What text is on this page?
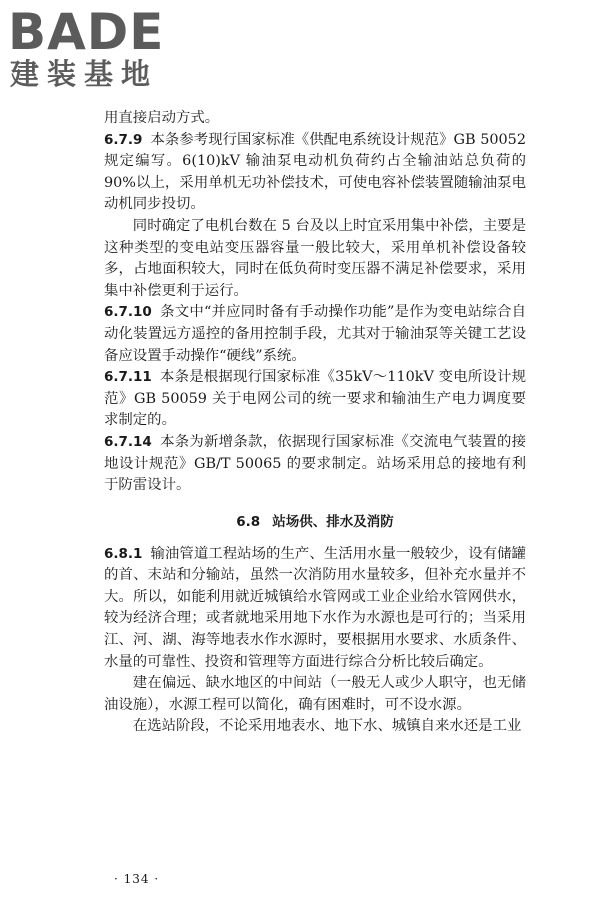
BADE
建装基地

用直接启动方式。

6.7.9 本条参考现行国家标准《供配电系统设计规范》GB 50052规定编写。6(10)kV 输油泵电动机负荷约占全输油站总负荷的90%以上，采用单机无功补偿技术，可使电容补偿装置随输油泵电动机同步投切。

同时确定了电机台数在 5 台及以上时宜采用集中补偿，主要是这种类型的变电站变压器容量一般比较大，采用单机补偿设备较多，占地面积较大，同时在低负荷时变压器不满足补偿要求，采用集中补偿更利于运行。

6.7.10 条文中“并应同时备有手动操作功能”是作为变电站综合自动化装置远方遥控的备用控制手段，尤其对于输油泵等关键工艺设备应设置手动操作“硬线”系统。

6.7.11 本条是根据现行国家标准《35kV～110kV 变电所设计规范》GB 50059 关于电网公司的统一要求和输油生产电力调度要求制定的。

6.7.14 本条为新增条款，依据现行国家标准《交流电气装置的接地设计规范》GB/T 50065 的要求制定。站场采用总的接地有利于防雷设计。

6.8 站场供、排水及消防

6.8.1 输油管道工程站场的生产、生活用水量一般较少，设有储罐的首、末站和分输站，虽然一次消防用水量较多，但补充水量并不大。所以，如能利用就近城镇给水管网或工业企业给水管网供水，较为经济合理；或者就地采用地下水作为水源也是可行的；当采用江、河、湖、海等地表水作水源时，要根据用水要求、水质条件、水量的可靠性、投资和管理等方面进行综合分析比较后确定。

建在偏远、缺水地区的中间站（一般无人或少人职守，也无储油设施），水源工程可以简化，确有困难时，可不设水源。

在选站阶段，不论采用地表水、地下水、城镇自来水还是工业

· 134 ·
